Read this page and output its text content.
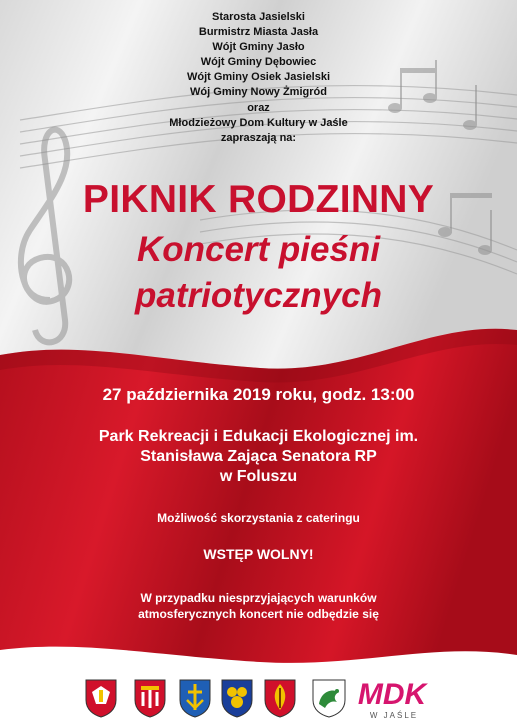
Starosta Jasielski
Burmistrz Miasta Jasła
Wójt Gminy Jasło
Wójt Gminy Dębowiec
Wójt Gminy Osiek Jasielski
Wój Gminy Nowy Żmigród
oraz
Młodzieżowy Dom Kultury w Jaśle
zapraszają na:
PIKNIK RODZINNY
Koncert pieśni
patriotycznych
27 października 2019 roku, godz. 13:00
Park Rekreacji i Edukacji Ekologicznej im.
Stanisława Zająca Senatora RP
w Foluszu
Możliwość skorzystania z cateringu
WSTĘP WOLNY!
W przypadku niesprzyjających warunków
atmosferycznych koncert nie odbędzie się
MDK
W JAŚLE
